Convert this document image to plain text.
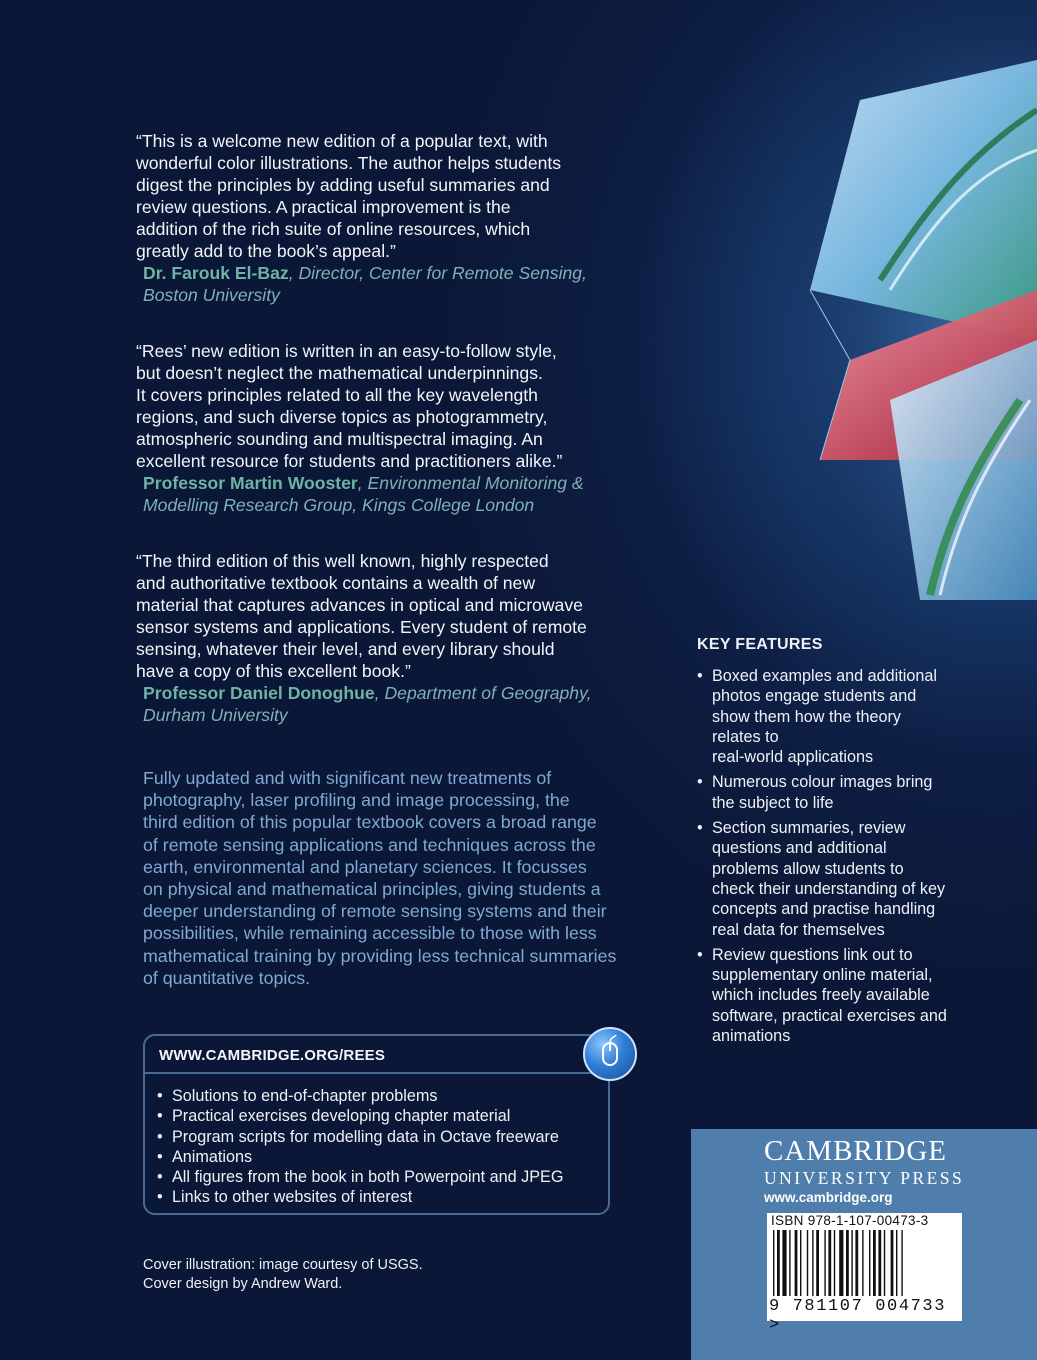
“This is a welcome new edition of a popular text, with
wonderful color illustrations. The author helps students
digest the principles by adding useful summaries and
review questions. A practical improvement is the
addition of the rich suite of online resources, which
greatly add to the book’s appeal.”
Dr. Farouk El-Baz, Director, Center for Remote Sensing,
Boston University
“Rees’ new edition is written in an easy-to-follow style,
but doesn’t neglect the mathematical underpinnings.
It covers principles related to all the key wavelength
regions, and such diverse topics as photogrammetry,
atmospheric sounding and multispectral imaging. An
excellent resource for students and practitioners alike.”
Professor Martin Wooster, Environmental Monitoring &
Modelling Research Group, Kings College London
“The third edition of this well known, highly respected
and authoritative textbook contains a wealth of new
material that captures advances in optical and microwave
sensor systems and applications. Every student of remote
sensing, whatever their level, and every library should
have a copy of this excellent book.”
Professor Daniel Donoghue, Department of Geography,
Durham University
Fully updated and with significant new treatments of
photography, laser profiling and image processing, the
third edition of this popular textbook covers a broad range
of remote sensing applications and techniques across the
earth, environmental and planetary sciences. It focusses
on physical and mathematical principles, giving students a
deeper understanding of remote sensing systems and their
possibilities, while remaining accessible to those with less
mathematical training by providing less technical summaries
of quantitative topics.
KEY FEATURES
• Boxed examples and additional
photos engage students and
show them how the theory
relates to
real-world applications
• Numerous colour images bring
the subject to life
• Section summaries, review
questions and additional
problems allow students to
check their understanding of key
concepts and practise handling
real data for themselves
• Review questions link out to
supplementary online material,
which includes freely available
software, practical exercises and
animations
WWW.CAMBRIDGE.ORG/REES
• Solutions to end-of-chapter problems
• Practical exercises developing chapter material
• Program scripts for modelling data in Octave freeware
• Animations
• All figures from the book in both Powerpoint and JPEG
• Links to other websites of interest
Cover illustration: image courtesy of USGS.
Cover design by Andrew Ward.
CAMBRIDGE
UNIVERSITY PRESS
www.cambridge.org
ISBN 978-1-107-00473-3
9 781107 004733 >
